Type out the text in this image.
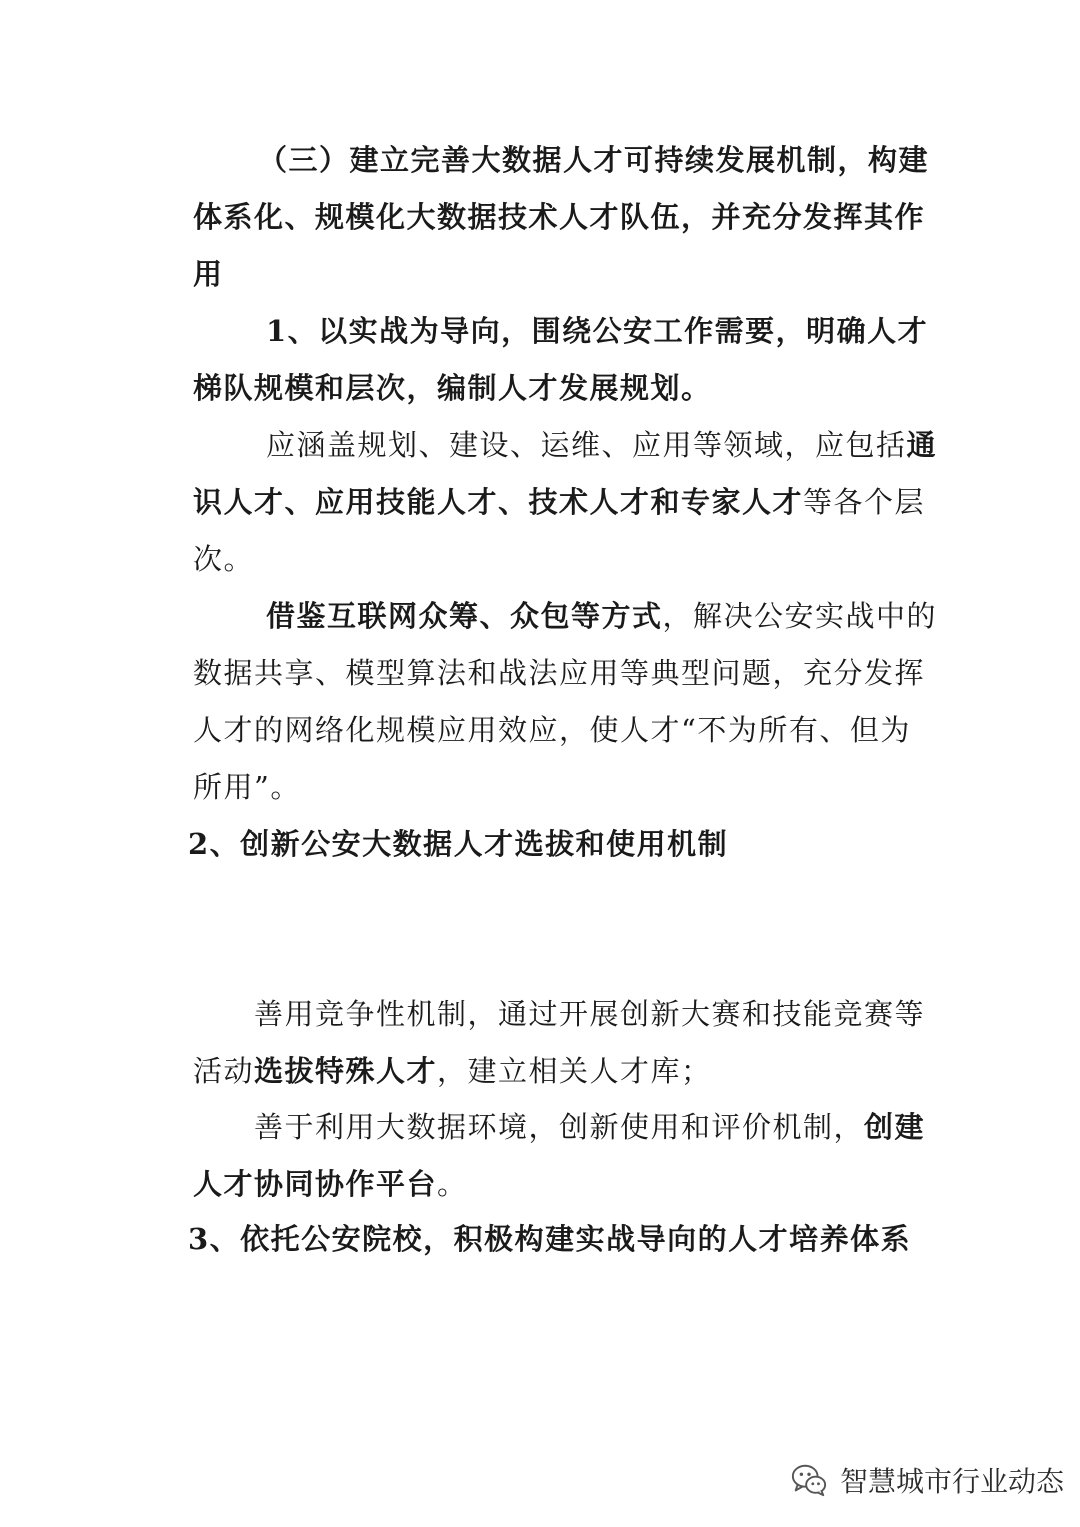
（三）建立完善大数据人才可持续发展机制，构建
体系化、规模化大数据技术人才队伍，并充分发挥其作
用
1、以实战为导向，围绕公安工作需要，明确人才
梯队规模和层次，编制人才发展规划。
应涵盖规划、建设、运维、应用等领域，应包括通
识人才、应用技能人才、技术人才和专家人才等各个层
次。
借鉴互联网众筹、众包等方式，解决公安实战中的
数据共享、模型算法和战法应用等典型问题，充分发挥
人才的网络化规模应用效应，使人才“不为所有、但为
所用”。
2、创新公安大数据人才选拔和使用机制
善用竞争性机制，通过开展创新大赛和技能竞赛等
活动选拔特殊人才，建立相关人才库；
善于利用大数据环境，创新使用和评价机制，创建
人才协同协作平台。
3、依托公安院校，积极构建实战导向的人才培养体系
智慧城市行业动态
